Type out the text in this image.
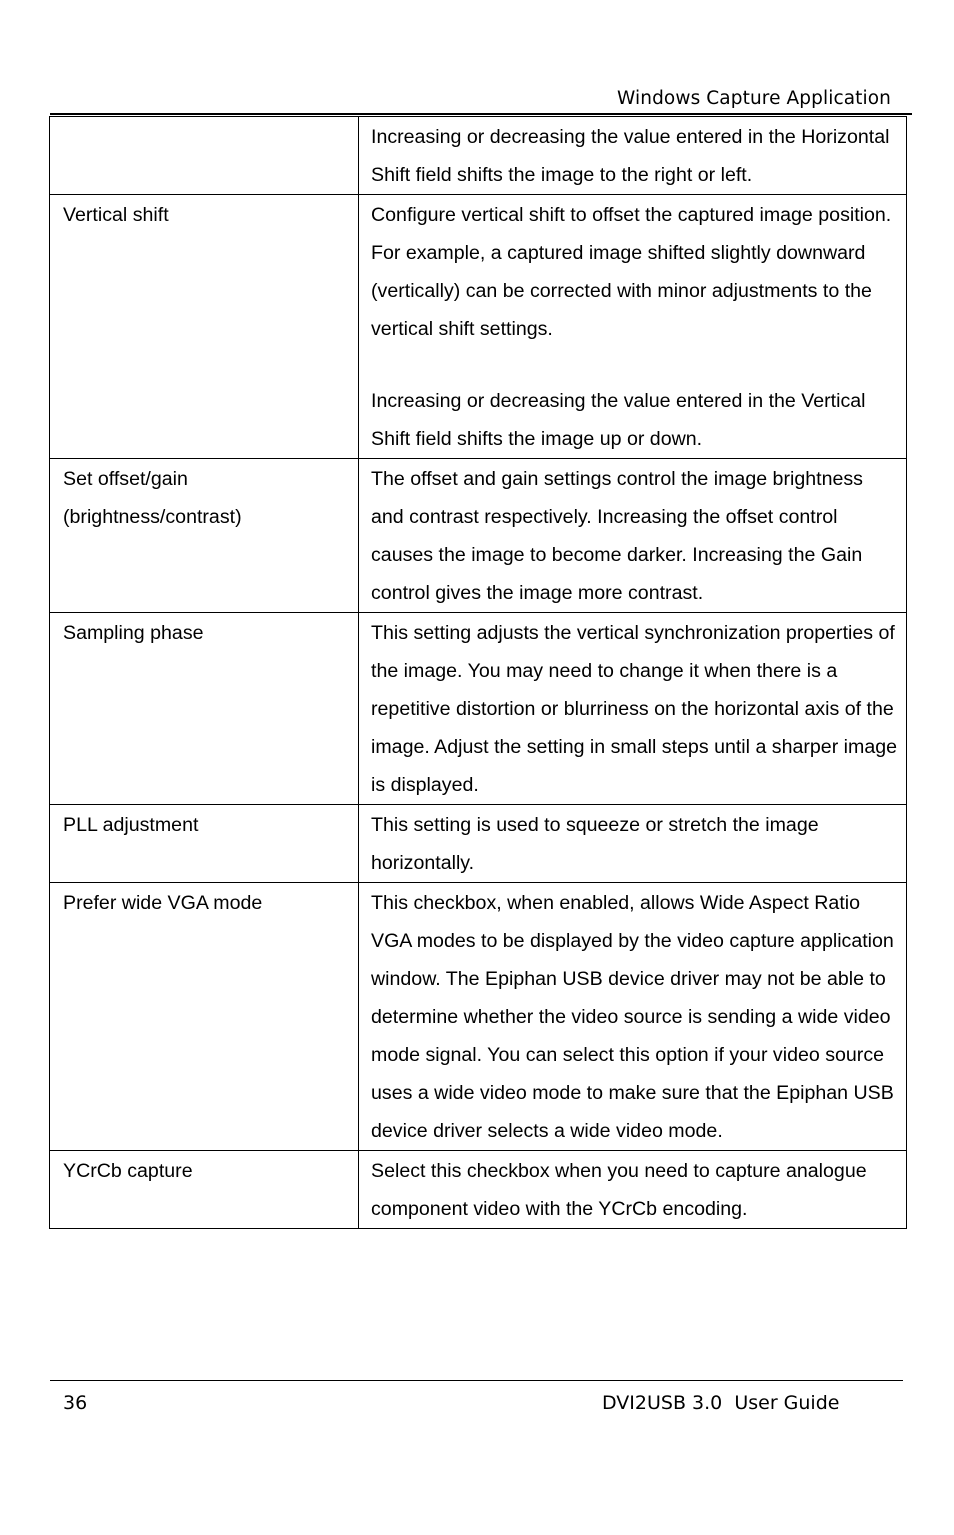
Windows Capture Application

	Increasing or decreasing the value entered in the Horizontal Shift field shifts the image to the right or left.

Vertical shift	Configure vertical shift to offset the captured image position. For example, a captured image shifted slightly downward (vertically) can be corrected with minor adjustments to the vertical shift settings.

Increasing or decreasing the value entered in the Vertical Shift field shifts the image up or down.

Set offset/gain (brightness/contrast)	The offset and gain settings control the image brightness and contrast respectively. Increasing the offset control causes the image to become darker. Increasing the Gain control gives the image more contrast.

Sampling phase	This setting adjusts the vertical synchronization properties of the image. You may need to change it when there is a repetitive distortion or blurriness on the horizontal axis of the image. Adjust the setting in small steps until a sharper image is displayed.

PLL adjustment	This setting is used to squeeze or stretch the image horizontally.

Prefer wide VGA mode	This checkbox, when enabled, allows Wide Aspect Ratio VGA modes to be displayed by the video capture application window. The Epiphan USB device driver may not be able to determine whether the video source is sending a wide video mode signal. You can select this option if your video source uses a wide video mode to make sure that the Epiphan USB device driver selects a wide video mode.

YCrCb capture	Select this checkbox when you need to capture analogue component video with the YCrCb encoding.

36	DVI2USB 3.0  User Guide
